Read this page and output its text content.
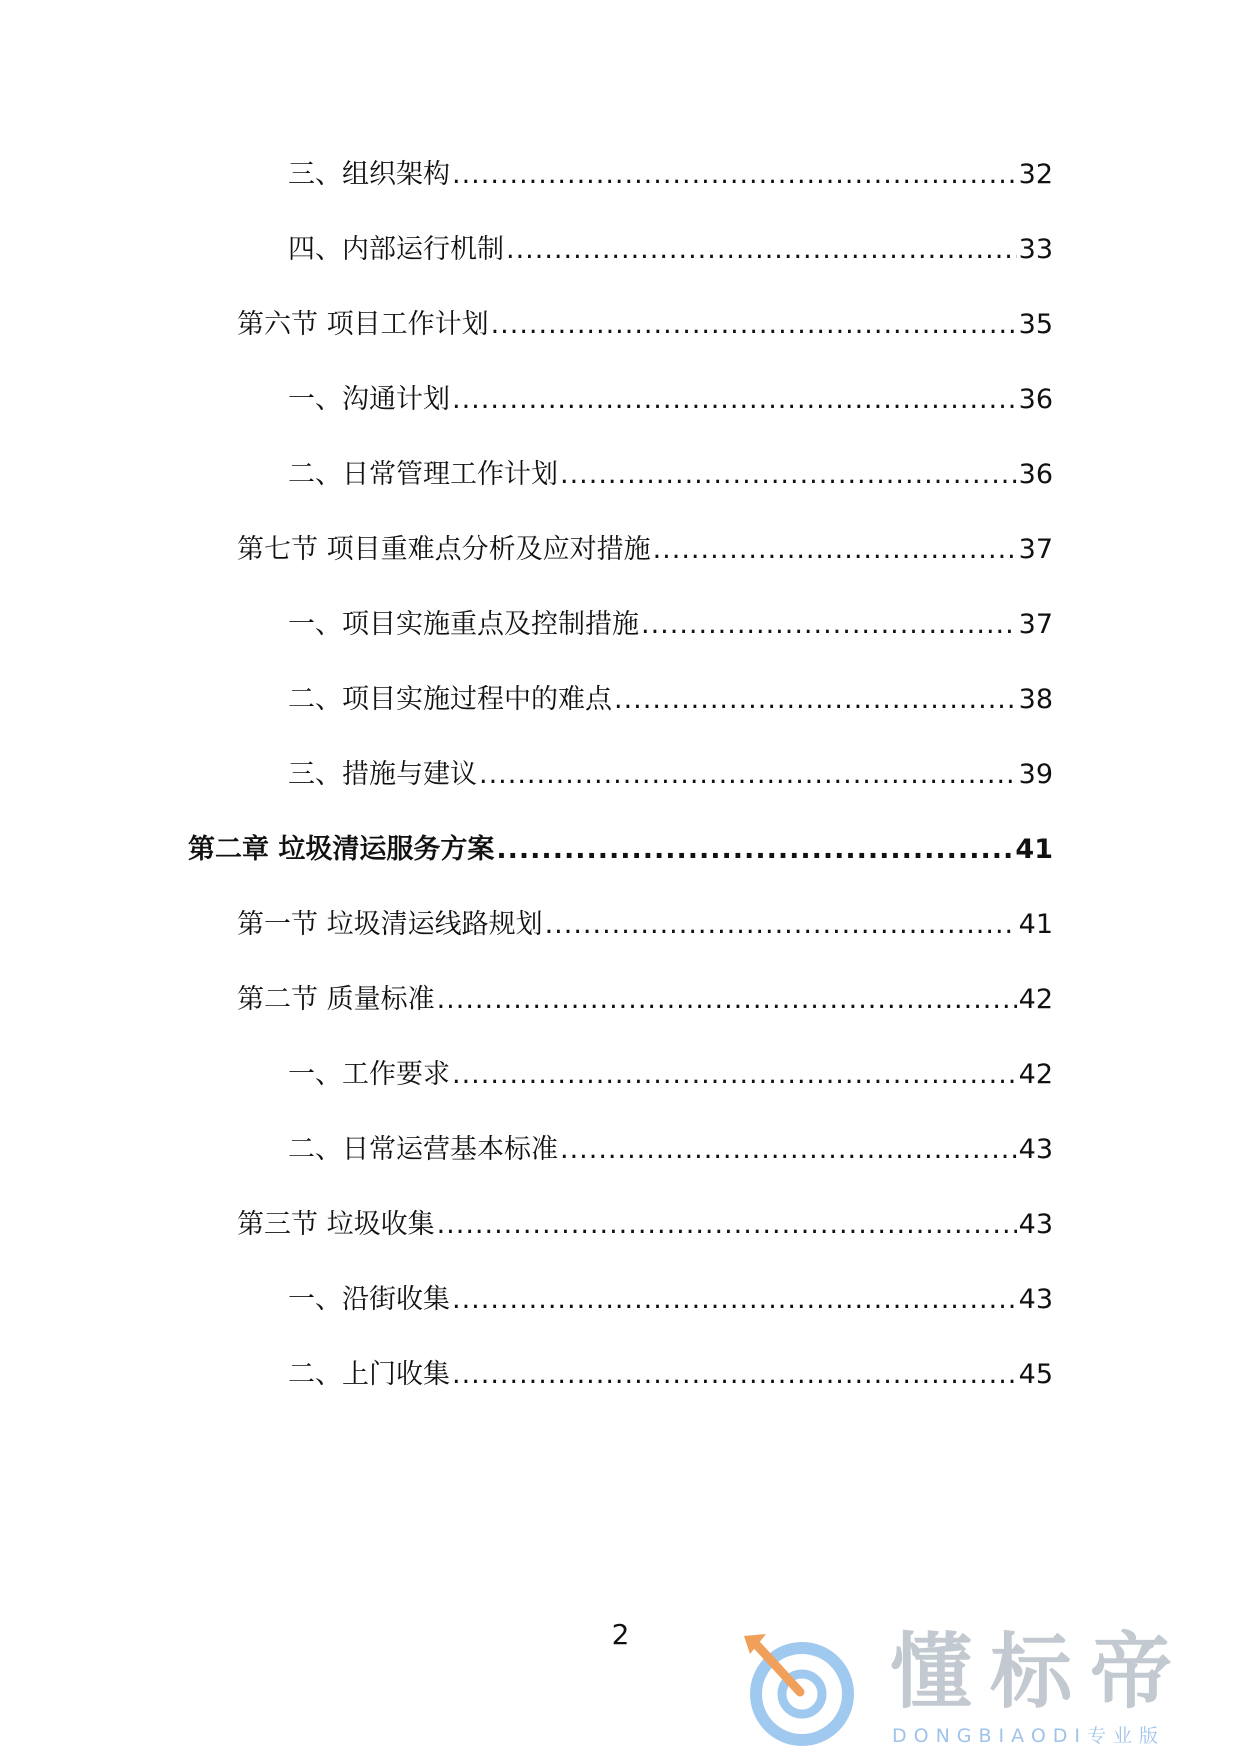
三、组织架构 .....	32
四、内部运行机制 .....	33
第六节 项目工作计划 .....	35
一、沟通计划 .....	36
二、日常管理工作计划 .....	36
第七节 项目重难点分析及应对措施 .....	37
一、项目实施重点及控制措施 .....	37
二、项目实施过程中的难点 .....	38
三、措施与建议 .....	39
第二章 垃圾清运服务方案 .....	41
第一节 垃圾清运线路规划 .....	41
第二节 质量标准 .....	42
一、工作要求 .....	42
二、日常运营基本标准 .....	43
第三节 垃圾收集 .....	43
一、沿街收集 .....	43
二、上门收集 .....	45
2	懂标帝
DONGBIAODI专业版
